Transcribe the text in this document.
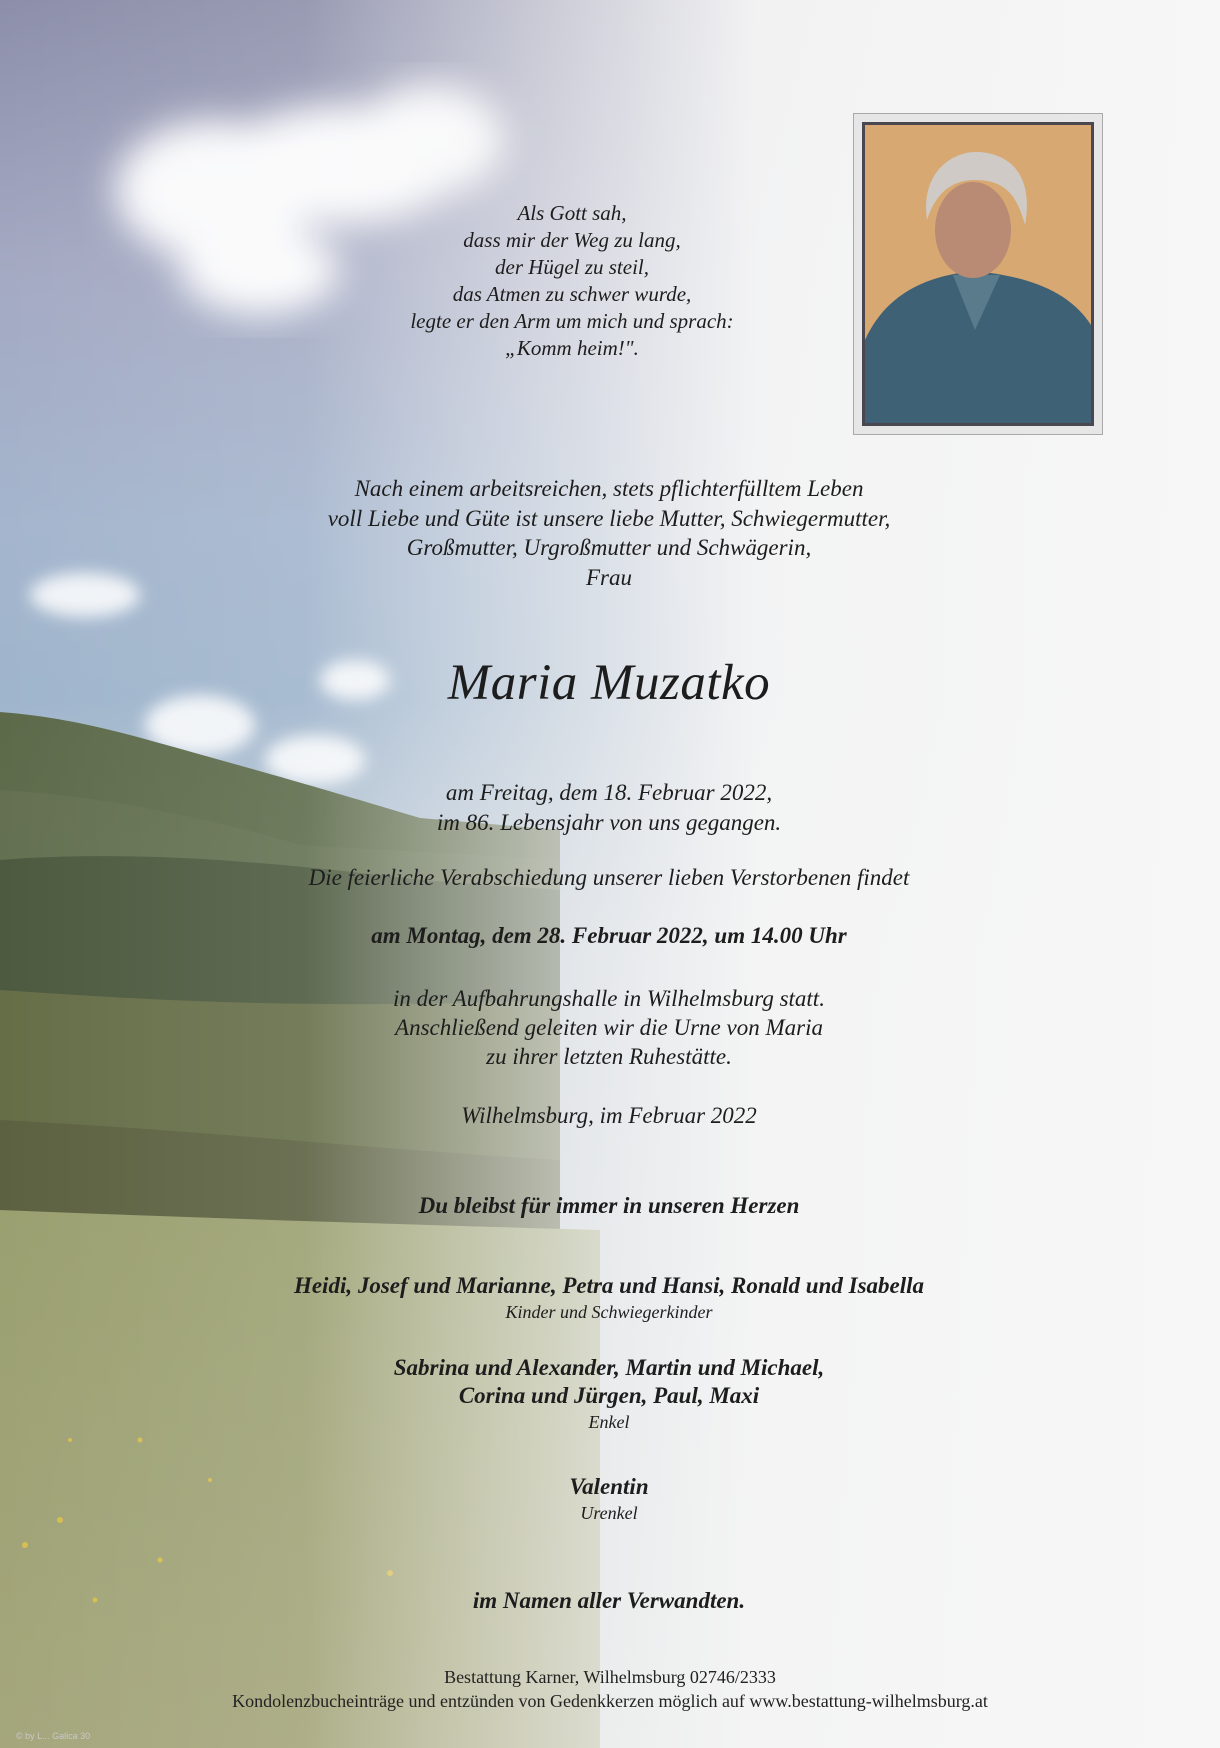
Als Gott sah,
dass mir der Weg zu lang,
der Hügel zu steil,
das Atmen zu schwer wurde,
legte er den Arm um mich und sprach:
„Komm heim!".
Nach einem arbeitsreichen, stets pflichterfülltem Leben
voll Liebe und Güte ist unsere liebe Mutter, Schwiegermutter,
Großmutter, Urgroßmutter und Schwägerin,
Frau
Maria Muzatko
am Freitag, dem 18. Februar 2022,
im 86. Lebensjahr von uns gegangen.
Die feierliche Verabschiedung unserer lieben Verstorbenen findet
am Montag, dem 28. Februar 2022, um 14.00 Uhr
in der Aufbahrungshalle in Wilhelmsburg statt.
Anschließend geleiten wir die Urne von Maria
zu ihrer letzten Ruhestätte.
Wilhelmsburg, im Februar 2022
Du bleibst für immer in unseren Herzen
Heidi, Josef und Marianne, Petra und Hansi, Ronald und Isabella
Kinder und Schwiegerkinder
Sabrina und Alexander, Martin und Michael,
Corina und Jürgen, Paul, Maxi
Enkel
Valentin
Urenkel
im Namen aller Verwandten.
Bestattung Karner, Wilhelmsburg 02746/2333
Kondolenzbucheinträge und entzünden von Gedenkkerzen möglich auf www.bestattung-wilhelmsburg.at
© by L... Galica 30
